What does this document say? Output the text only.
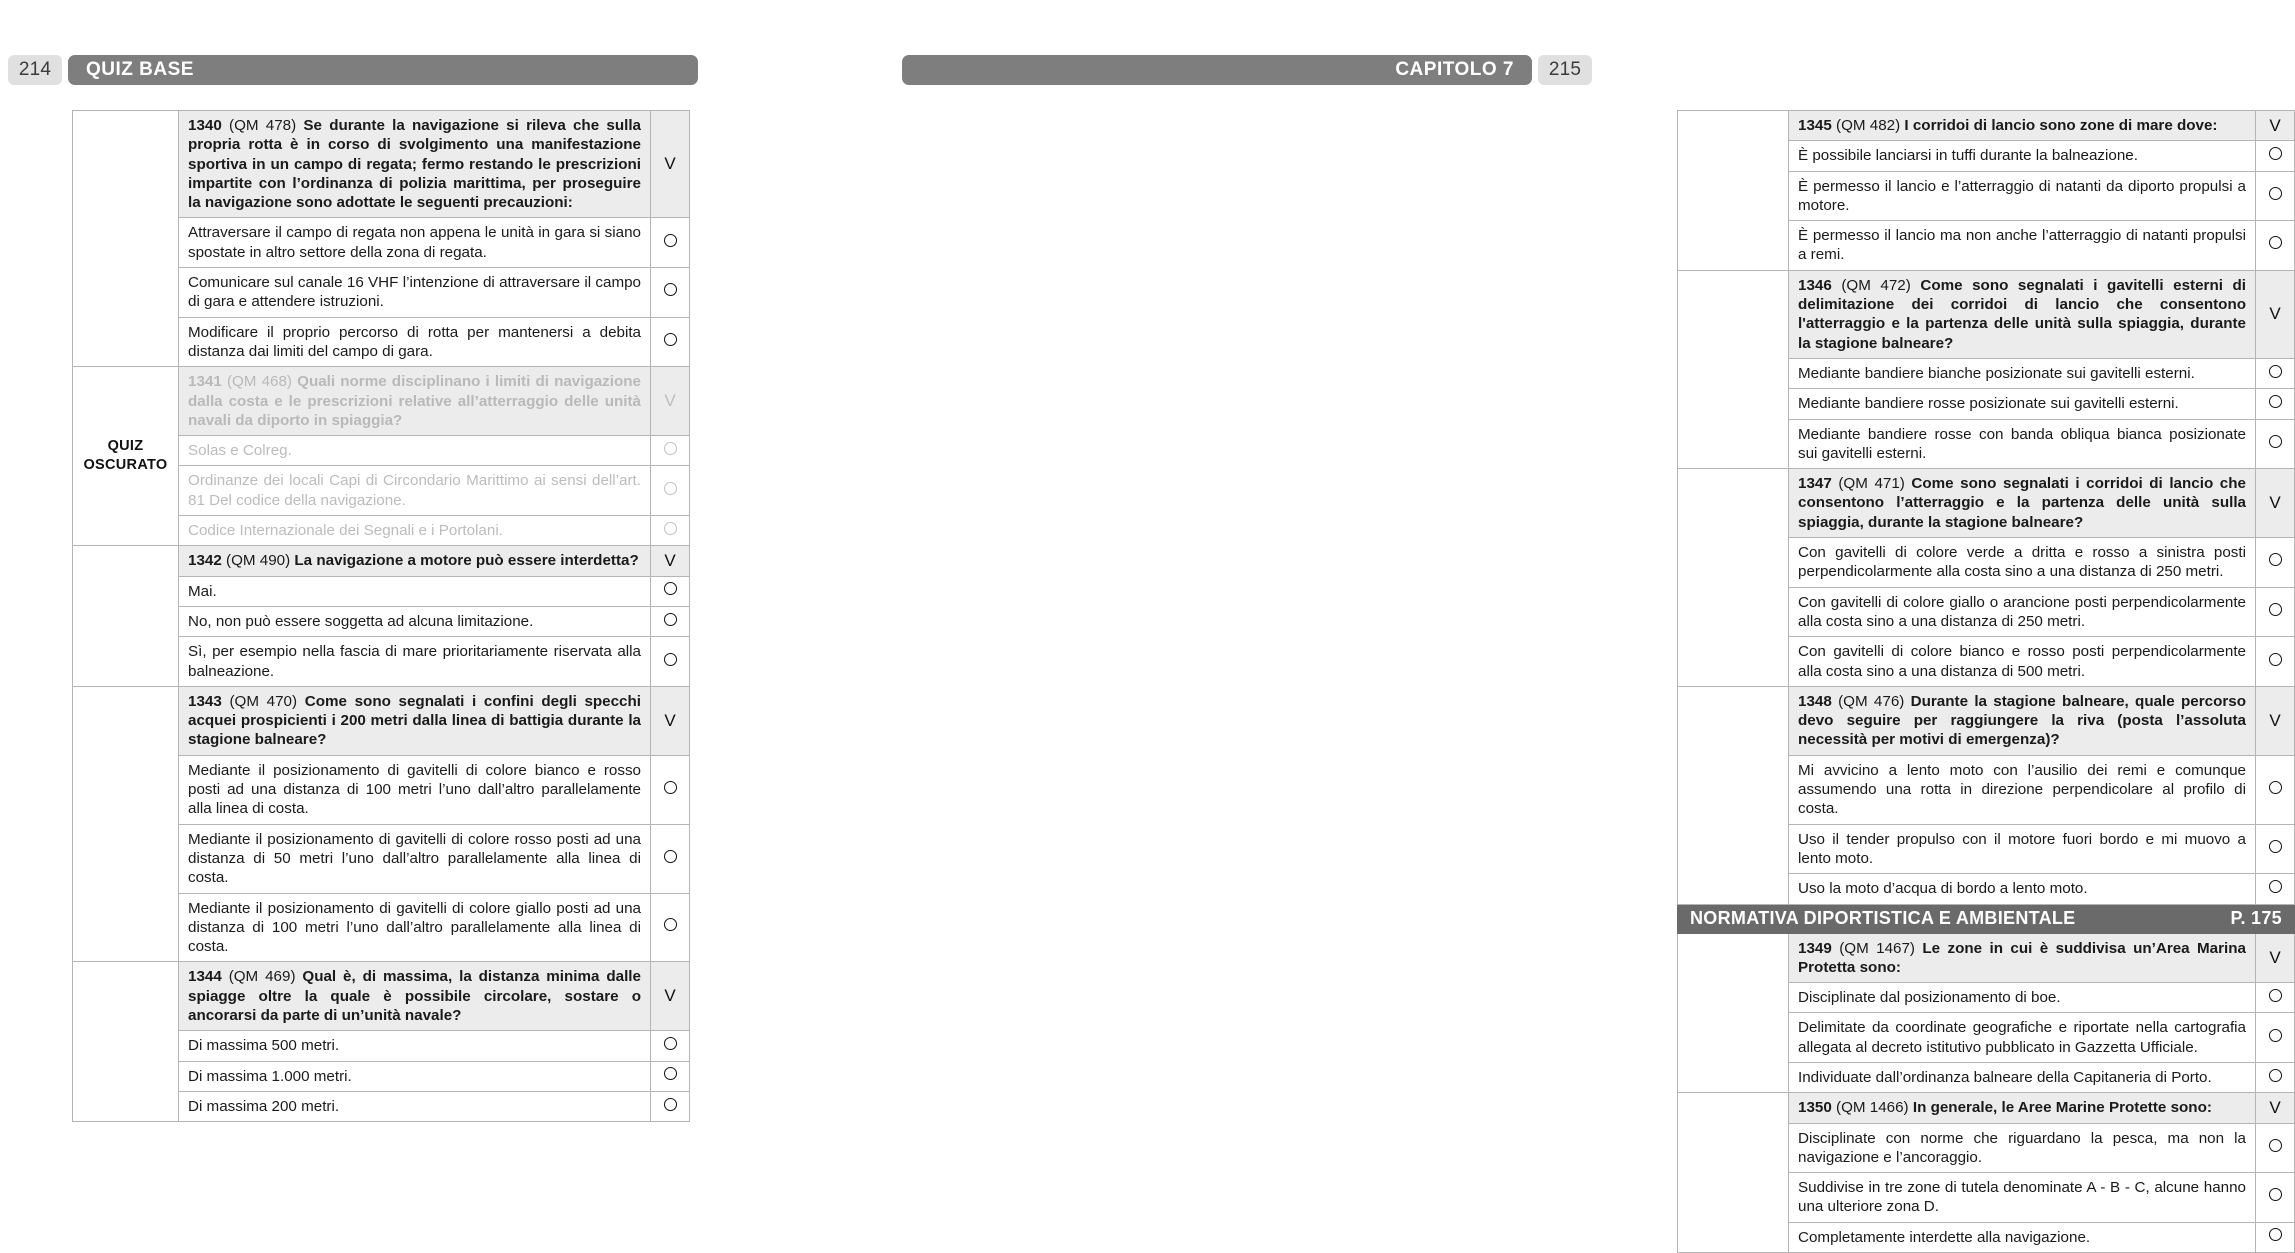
214	QUIZ BASE
	1340 (QM 478) Se durante la navigazione si rileva che sulla propria rotta è in corso di svolgimento una manifestazione sportiva in un campo di regata; fermo restando le prescrizioni impartite con l’ordinanza di polizia marittima, per proseguire la navigazione sono adottate le seguenti precauzioni:	V
	Attraversare il campo di regata non appena le unità in gara si siano spostate in altro settore della zona di regata.	
	Comunicare sul canale 16 VHF l’intenzione di attraversare il campo di gara e attendere istruzioni.	
	Modificare il proprio percorso di rotta per mantenersi a debita distanza dai limiti del campo di gara.	
QUIZ
OSCURATO	1341 (QM 468) Quali norme disciplinano i limiti di navigazione dalla costa e le prescrizioni relative all’atterraggio delle unità navali da diporto in spiaggia?	V
	Solas e Colreg.	
	Ordinanze dei locali Capi di Circondario Marittimo ai sensi dell’art. 81 Del codice della navigazione.	
	Codice Internazionale dei Segnali e i Portolani.	
	1342 (QM 490) La navigazione a motore può essere interdetta?	V
	Mai.	
	No, non può essere soggetta ad alcuna limitazione.	
	Sì, per esempio nella fascia di mare prioritariamente riservata alla balneazione.	
	1343 (QM 470) Come sono segnalati i confini degli specchi acquei prospicienti i 200 metri dalla linea di battigia durante la stagione balneare?	V
	Mediante il posizionamento di gavitelli di colore bianco e rosso posti ad una distanza di 100 metri l’uno dall’altro parallelamente alla linea di costa.	
	Mediante il posizionamento di gavitelli di colore rosso posti ad una distanza di 50 metri l’uno dall’altro parallelamente alla linea di costa.	
	Mediante il posizionamento di gavitelli di colore giallo posti ad una distanza di 100 metri l’uno dall’altro parallelamente alla linea di costa.	
	1344 (QM 469) Qual è, di massima, la distanza minima dalle spiagge oltre la quale è possibile circolare, sostare o ancorarsi da parte di un’unità navale?	V
	Di massima 500 metri.	
	Di massima 1.000 metri.	
	Di massima 200 metri.	
CAPITOLO 7	215
	1345 (QM 482) I corridoi di lancio sono zone di mare dove:	V
	È possibile lanciarsi in tuffi durante la balneazione.	
	È permesso il lancio e l’atterraggio di natanti da diporto propulsi a motore.	
	È permesso il lancio ma non anche l’atterraggio di natanti propulsi a remi.	
	1346 (QM 472) Come sono segnalati i gavitelli esterni di delimitazione dei corridoi di lancio che consentono l'atterraggio e la partenza delle unità sulla spiaggia, durante la stagione balneare?	V
	Mediante bandiere bianche posizionate sui gavitelli esterni.	
	Mediante bandiere rosse posizionate sui gavitelli esterni.	
	Mediante bandiere rosse con banda obliqua bianca posizionate sui gavitelli esterni.	
	1347 (QM 471) Come sono segnalati i corridoi di lancio che consentono l’atterraggio e la partenza delle unità sulla spiaggia, durante la stagione balneare?	V
	Con gavitelli di colore verde a dritta e rosso a sinistra posti perpendicolarmente alla costa sino a una distanza di 250 metri.	
	Con gavitelli di colore giallo o arancione posti perpendicolarmente alla costa sino a una distanza di 250 metri.	
	Con gavitelli di colore bianco e rosso posti perpendicolarmente alla costa sino a una distanza di 500 metri.	
	1348 (QM 476) Durante la stagione balneare, quale percorso devo seguire per raggiungere la riva (posta l’assoluta necessità per motivi di emergenza)?	V
	Mi avvicino a lento moto con l’ausilio dei remi e comunque assumendo una rotta in direzione perpendicolare al profilo di costa.	
	Uso il tender propulso con il motore fuori bordo e mi muovo a lento moto.	
	Uso la moto d’acqua di bordo a lento moto.	

NORMATIVA DIPORTISTICA E AMBIENTALE P. 175		

	1349 (QM 1467) Le zone in cui è suddivisa un’Area Marina Protetta sono:	V
	Disciplinate dal posizionamento di boe.	
	Delimitate da coordinate geografiche e riportate nella cartografia allegata al decreto istitutivo pubblicato in Gazzetta Ufficiale.	
	Individuate dall’ordinanza balneare della Capitaneria di Porto.	
	1350 (QM 1466) In generale, le Aree Marine Protette sono:	V
	Disciplinate con norme che riguardano la pesca, ma non la navigazione e l’ancoraggio.	
	Suddivise in tre zone di tutela denominate A - B - C, alcune hanno una ulteriore zona D.	
	Completamente interdette alla navigazione.	
